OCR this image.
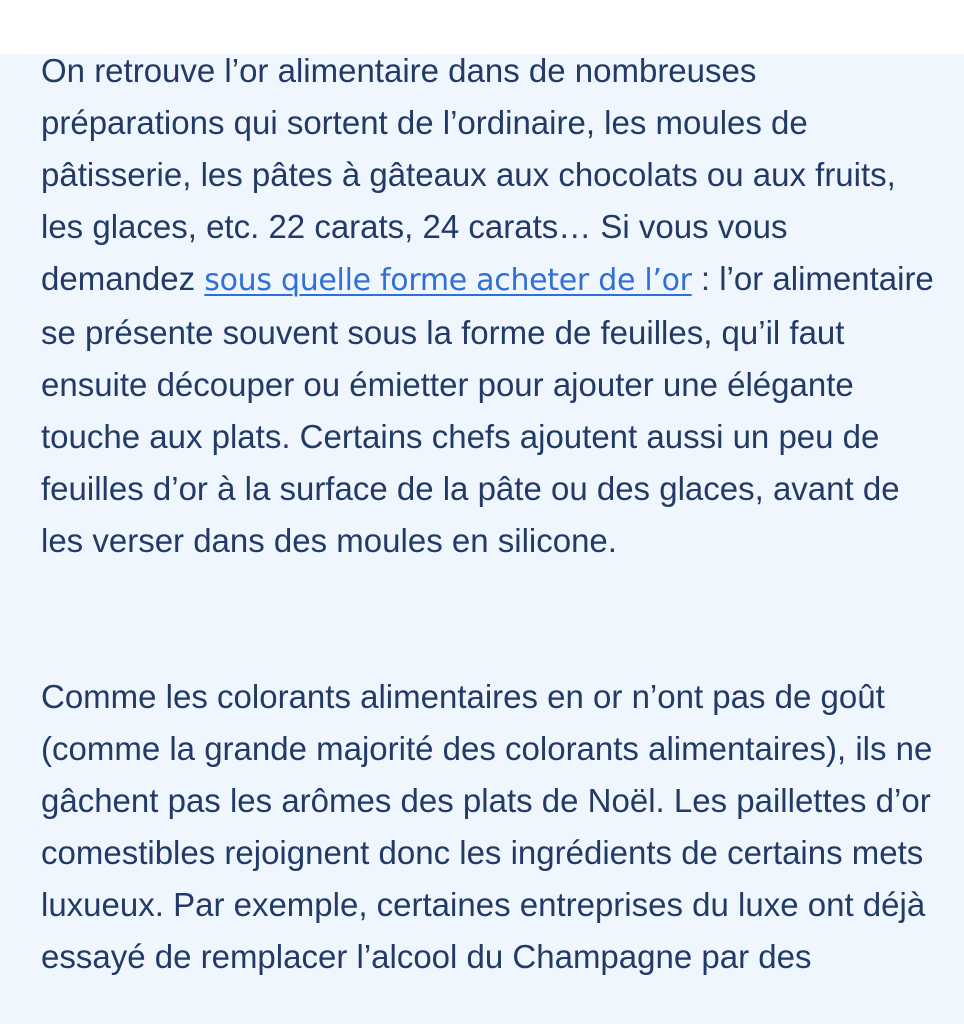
On retrouve l’or alimentaire dans de nombreuses préparations qui sortent de l’ordinaire, les moules de pâtisserie, les pâtes à gâteaux aux chocolats ou aux fruits, les glaces, etc. 22 carats, 24 carats… Si vous vous demandez sous quelle forme acheter de l’or : l’or alimentaire se présente souvent sous la forme de feuilles, qu’il faut ensuite découper ou émietter pour ajouter une élégante touche aux plats. Certains chefs ajoutent aussi un peu de feuilles d’or à la surface de la pâte ou des glaces, avant de les verser dans des moules en silicone.

Comme les colorants alimentaires en or n’ont pas de goût (comme la grande majorité des colorants alimentaires), ils ne gâchent pas les arômes des plats de Noël. Les paillettes d’or comestibles rejoignent donc les ingrédients de certains mets luxueux. Par exemple, certaines entreprises du luxe ont déjà essayé de remplacer l’alcool du Champagne par des
